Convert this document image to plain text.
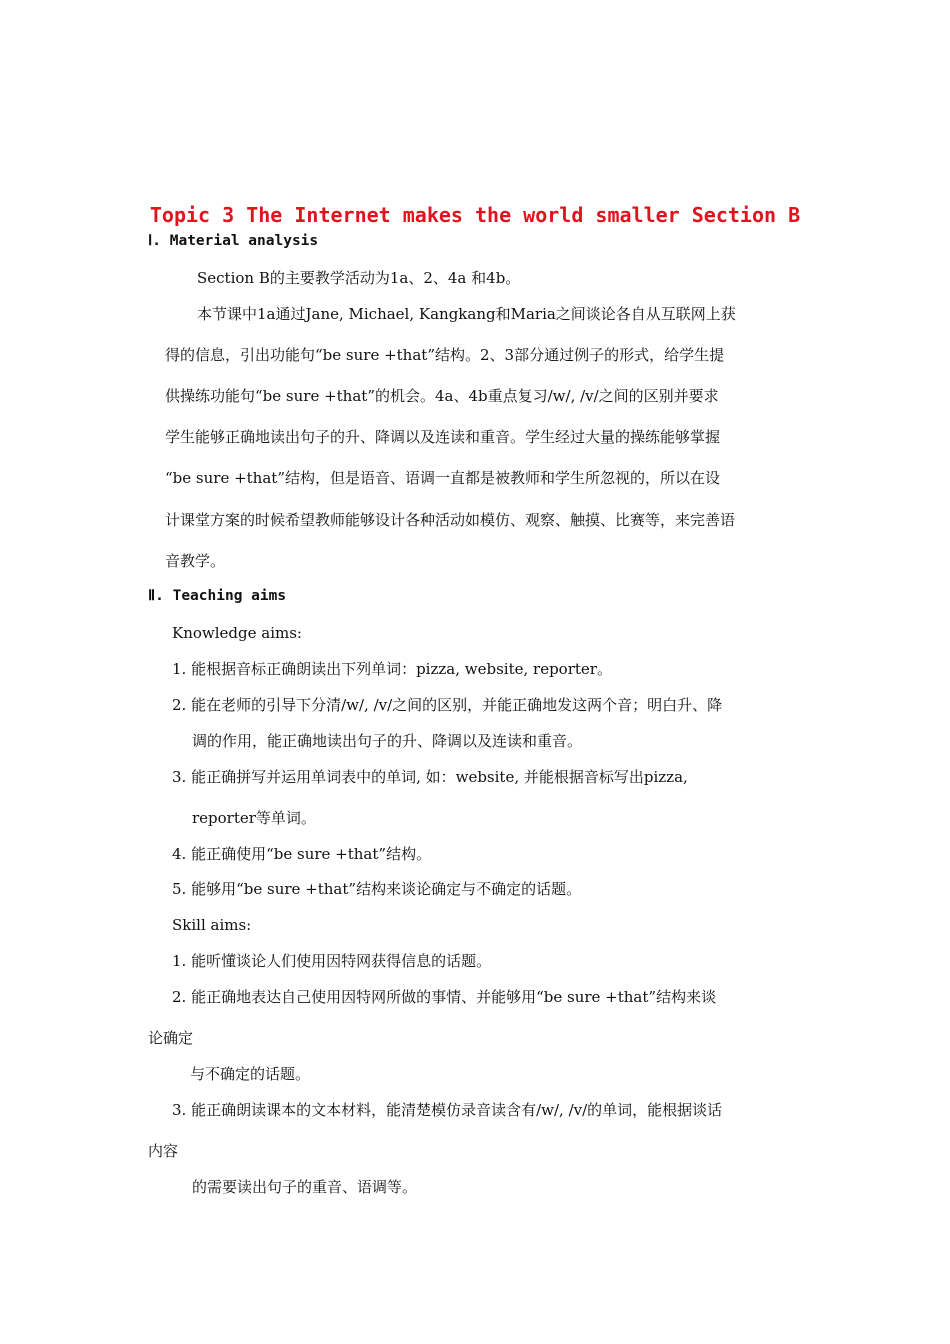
Topic 3 The Internet makes the world smaller Section B
Ⅰ. Material analysis
Section B的主要教学活动为1a、2、4a 和4b。
本节课中1a通过Jane, Michael, Kangkang和Maria之间谈论各自从互联网上获
得的信息，引出功能句“be sure +that”结构。2、3部分通过例子的形式，给学生提
供操练功能句“be sure +that”的机会。4a、4b重点复习/w/, /v/之间的区别并要求
学生能够正确地读出句子的升、降调以及连读和重音。学生经过大量的操练能够掌握
“be sure +that”结构，但是语音、语调一直都是被教师和学生所忽视的，所以在设
计课堂方案的时候希望教师能够设计各种活动如模仿、观察、触摸、比赛等，来完善语
音教学。
Ⅱ. Teaching aims
Knowledge aims:
1. 能根据音标正确朗读出下列单词：pizza, website, reporter。
2. 能在老师的引导下分清/w/, /v/之间的区别，并能正确地发这两个音；明白升、降
调的作用，能正确地读出句子的升、降调以及连读和重音。
3. 能正确拼写并运用单词表中的单词, 如：website, 并能根据音标写出pizza,
reporter等单词。
4. 能正确使用“be sure +that”结构。
5. 能够用“be sure +that”结构来谈论确定与不确定的话题。
Skill aims:
1. 能听懂谈论人们使用因特网获得信息的话题。
2. 能正确地表达自己使用因特网所做的事情、并能够用“be sure +that”结构来谈
论确定
与不确定的话题。
3. 能正确朗读课本的文本材料，能清楚模仿录音读含有/w/, /v/的单词，能根据谈话
内容
的需要读出句子的重音、语调等。
